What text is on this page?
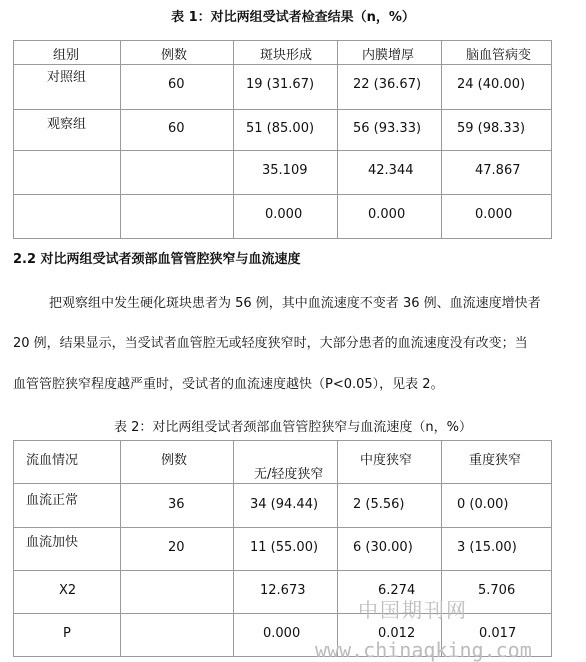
表 1：对比两组受试者检查结果（n，%）
组别	例数	斑块形成	内膜增厚	脑血管病变

对照组	60	19 (31.67)	22 (36.67)	24 (40.00)

观察组	60	51 (85.00)	56 (93.33)	59 (98.33)

		35.109	42.344	47.867

		0.000	0.000	0.000
2.2 对比两组受试者颈部血管管腔狭窄与血流速度
把观察组中发生硬化斑块患者为 56 例，其中血流速度不变者 36 例、血流速度增快者
20 例，结果显示，当受试者血管腔无或轻度狭窄时，大部分患者的血流速度没有改变；当
血管管腔狭窄程度越严重时，受试者的血流速度越快（P<0.05），见表 2。
表 2：对比两组受试者颈部血管管腔狭窄与血流速度（n，%）
流血情况	例数	无/轻度狭窄	中度狭窄	重度狭窄

血流正常	36	34 (94.44)	2 (5.56)	0 (0.00)

血流加快	20	11 (55.00)	6 (30.00)	3 (15.00)

X2		12.673	6.274	5.706

P		0.000	0.012	0.017
中国期刊网
www.chinaqking.com
